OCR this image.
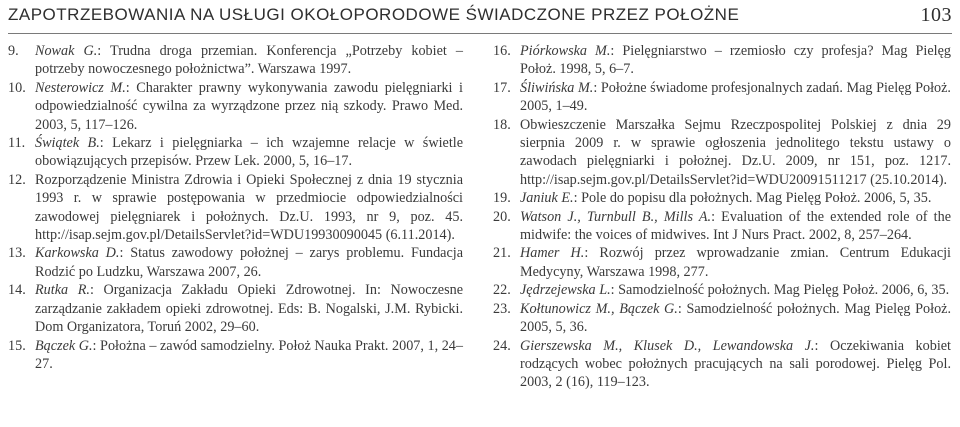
ZAPOTRZEBOWANIA NA USŁUGI OKOŁOPORODOWE ŚWIADCZONE PRZEZ POŁOŻNE	103
9.	Nowak G.: Trudna droga przemian. Konferencja „Potrzeby kobiet – potrzeby nowoczesnego położnictwa”. Warszawa 1997.
10. Nesterowicz M.: Charakter prawny wykonywania zawodu pielęgniarki i odpowiedzialność cywilna za wyrządzone przez nią szkody. Prawo Med. 2003, 5, 117–126.
11. Świątek B.: Lekarz i pielęgniarka – ich wzajemne relacje w świetle obowiązujących przepisów. Przew Lek. 2000, 5, 16–17.
12. Rozporządzenie Ministra Zdrowia i Opieki Społecznej z dnia 19 stycznia 1993 r. w sprawie postępowania w przedmiocie odpowiedzialności zawodowej pielęgniarek i położnych. Dz.U. 1993, nr 9, poz. 45. http://isap.sejm.gov.pl/DetailsServlet?id=WDU19930090045 (6.11.2014).
13. Karkowska D.: Status zawodowy położnej – zarys problemu. Fundacja Rodzić po Ludzku, Warszawa 2007, 26.
14. Rutka R.: Organizacja Zakładu Opieki Zdrowotnej. In: Nowoczesne zarządzanie zakładem opieki zdrowotnej. Eds: B. Nogalski, J.M. Rybicki. Dom Organizatora, Toruń 2002, 29–60.
15. Bączek G.: Położna – zawód samodzielny. Położ Nauka Prakt. 2007, 1, 24–27.
16. Piórkowska M.: Pielęgniarstwo – rzemiosło czy profesja? Mag Pielęg Położ. 1998, 5, 6–7.
17. Śliwińska M.: Położne świadome profesjonalnych zadań. Mag Pielęg Położ. 2005, 1–49.
18. Obwieszczenie Marszałka Sejmu Rzeczpospolitej Polskiej z dnia 29 sierpnia 2009 r. w sprawie ogłoszenia jednolitego tekstu ustawy o zawodach pielęgniarki i położnej. Dz.U. 2009, nr 151, poz. 1217. http://isap.sejm.gov.pl/DetailsServlet?id=WDU20091511217 (25.10.2014).
19. Janiuk E.: Pole do popisu dla położnych. Mag Pielęg Położ. 2006, 5, 35.
20. Watson J., Turnbull B., Mills A.: Evaluation of the extended role of the midwife: the voices of midwives. Int J Nurs Pract. 2002, 8, 257–264.
21. Hamer H.: Rozwój przez wprowadzanie zmian. Centrum Edukacji Medycyny, Warszawa 1998, 277.
22. Jędrzejewska L.: Samodzielność położnych. Mag Pielęg Położ. 2006, 6, 35.
23. Kołtunowicz M., Bączek G.: Samodzielność położnych. Mag Pielęg Położ. 2005, 5, 36.
24. Gierszewska M., Klusek D., Lewandowska J.: Oczekiwania kobiet rodzących wobec położnych pracujących na sali porodowej. Pielęg Pol. 2003, 2 (16), 119–123.
